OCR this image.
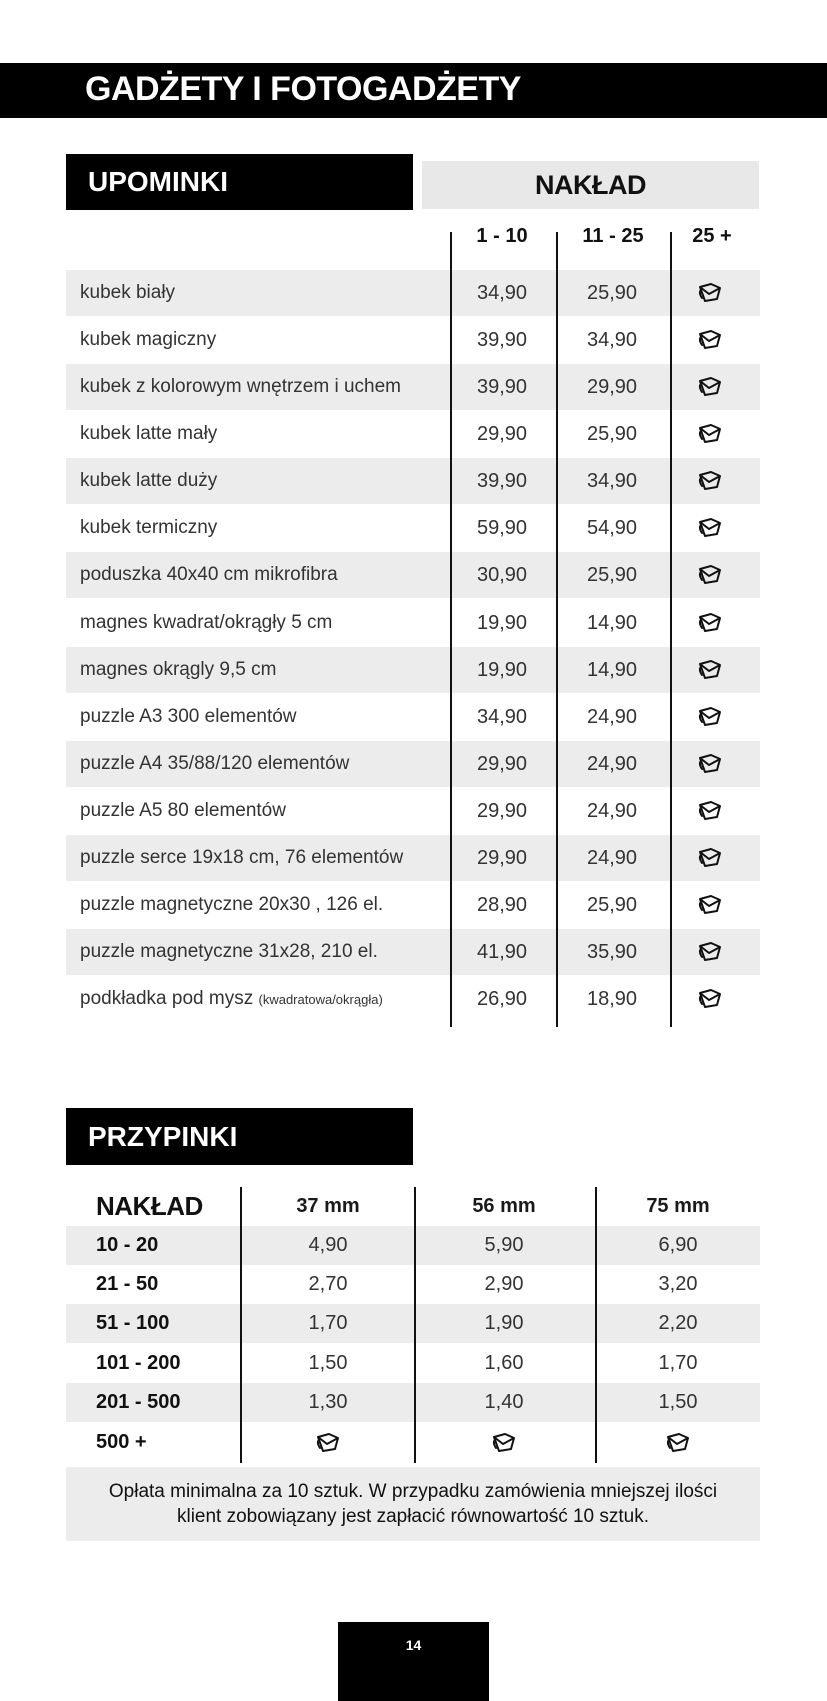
GADŻETY I FOTOGADŻETY
UPOMINKI	NAKŁAD
1 - 10	11 - 25	25 +
kubek biały	34,90	25,90
kubek magiczny	39,90	34,90
kubek z kolorowym wnętrzem i uchem	39,90	29,90
kubek latte mały	29,90	25,90
kubek latte duży	39,90	34,90
kubek termiczny	59,90	54,90
poduszka 40x40 cm mikrofibra	30,90	25,90
magnes kwadrat/okrągły 5 cm	19,90	14,90
magnes okrągly 9,5 cm	19,90	14,90
puzzle A3 300 elementów	34,90	24,90
puzzle A4 35/88/120 elementów	29,90	24,90
puzzle A5 80 elementów	29,90	24,90
puzzle serce 19x18 cm, 76 elementów	29,90	24,90
puzzle magnetyczne 20x30 , 126 el.	28,90	25,90
puzzle magnetyczne 31x28, 210 el.	41,90	35,90
podkładka pod mysz (kwadratowa/okrągła)	26,90	18,90
PRZYPINKI
NAKŁAD	37 mm	56 mm	75 mm
10 - 20	4,90	5,90	6,90
21 - 50	2,70	2,90	3,20
51 - 100	1,70	1,90	2,20
101 - 200	1,50	1,60	1,70
201 - 500	1,30	1,40	1,50
500 +
Opłata minimalna za 10 sztuk. W przypadku zamówienia mniejszej ilości
klient zobowiązany jest zapłacić równowartość 10 sztuk.
14
